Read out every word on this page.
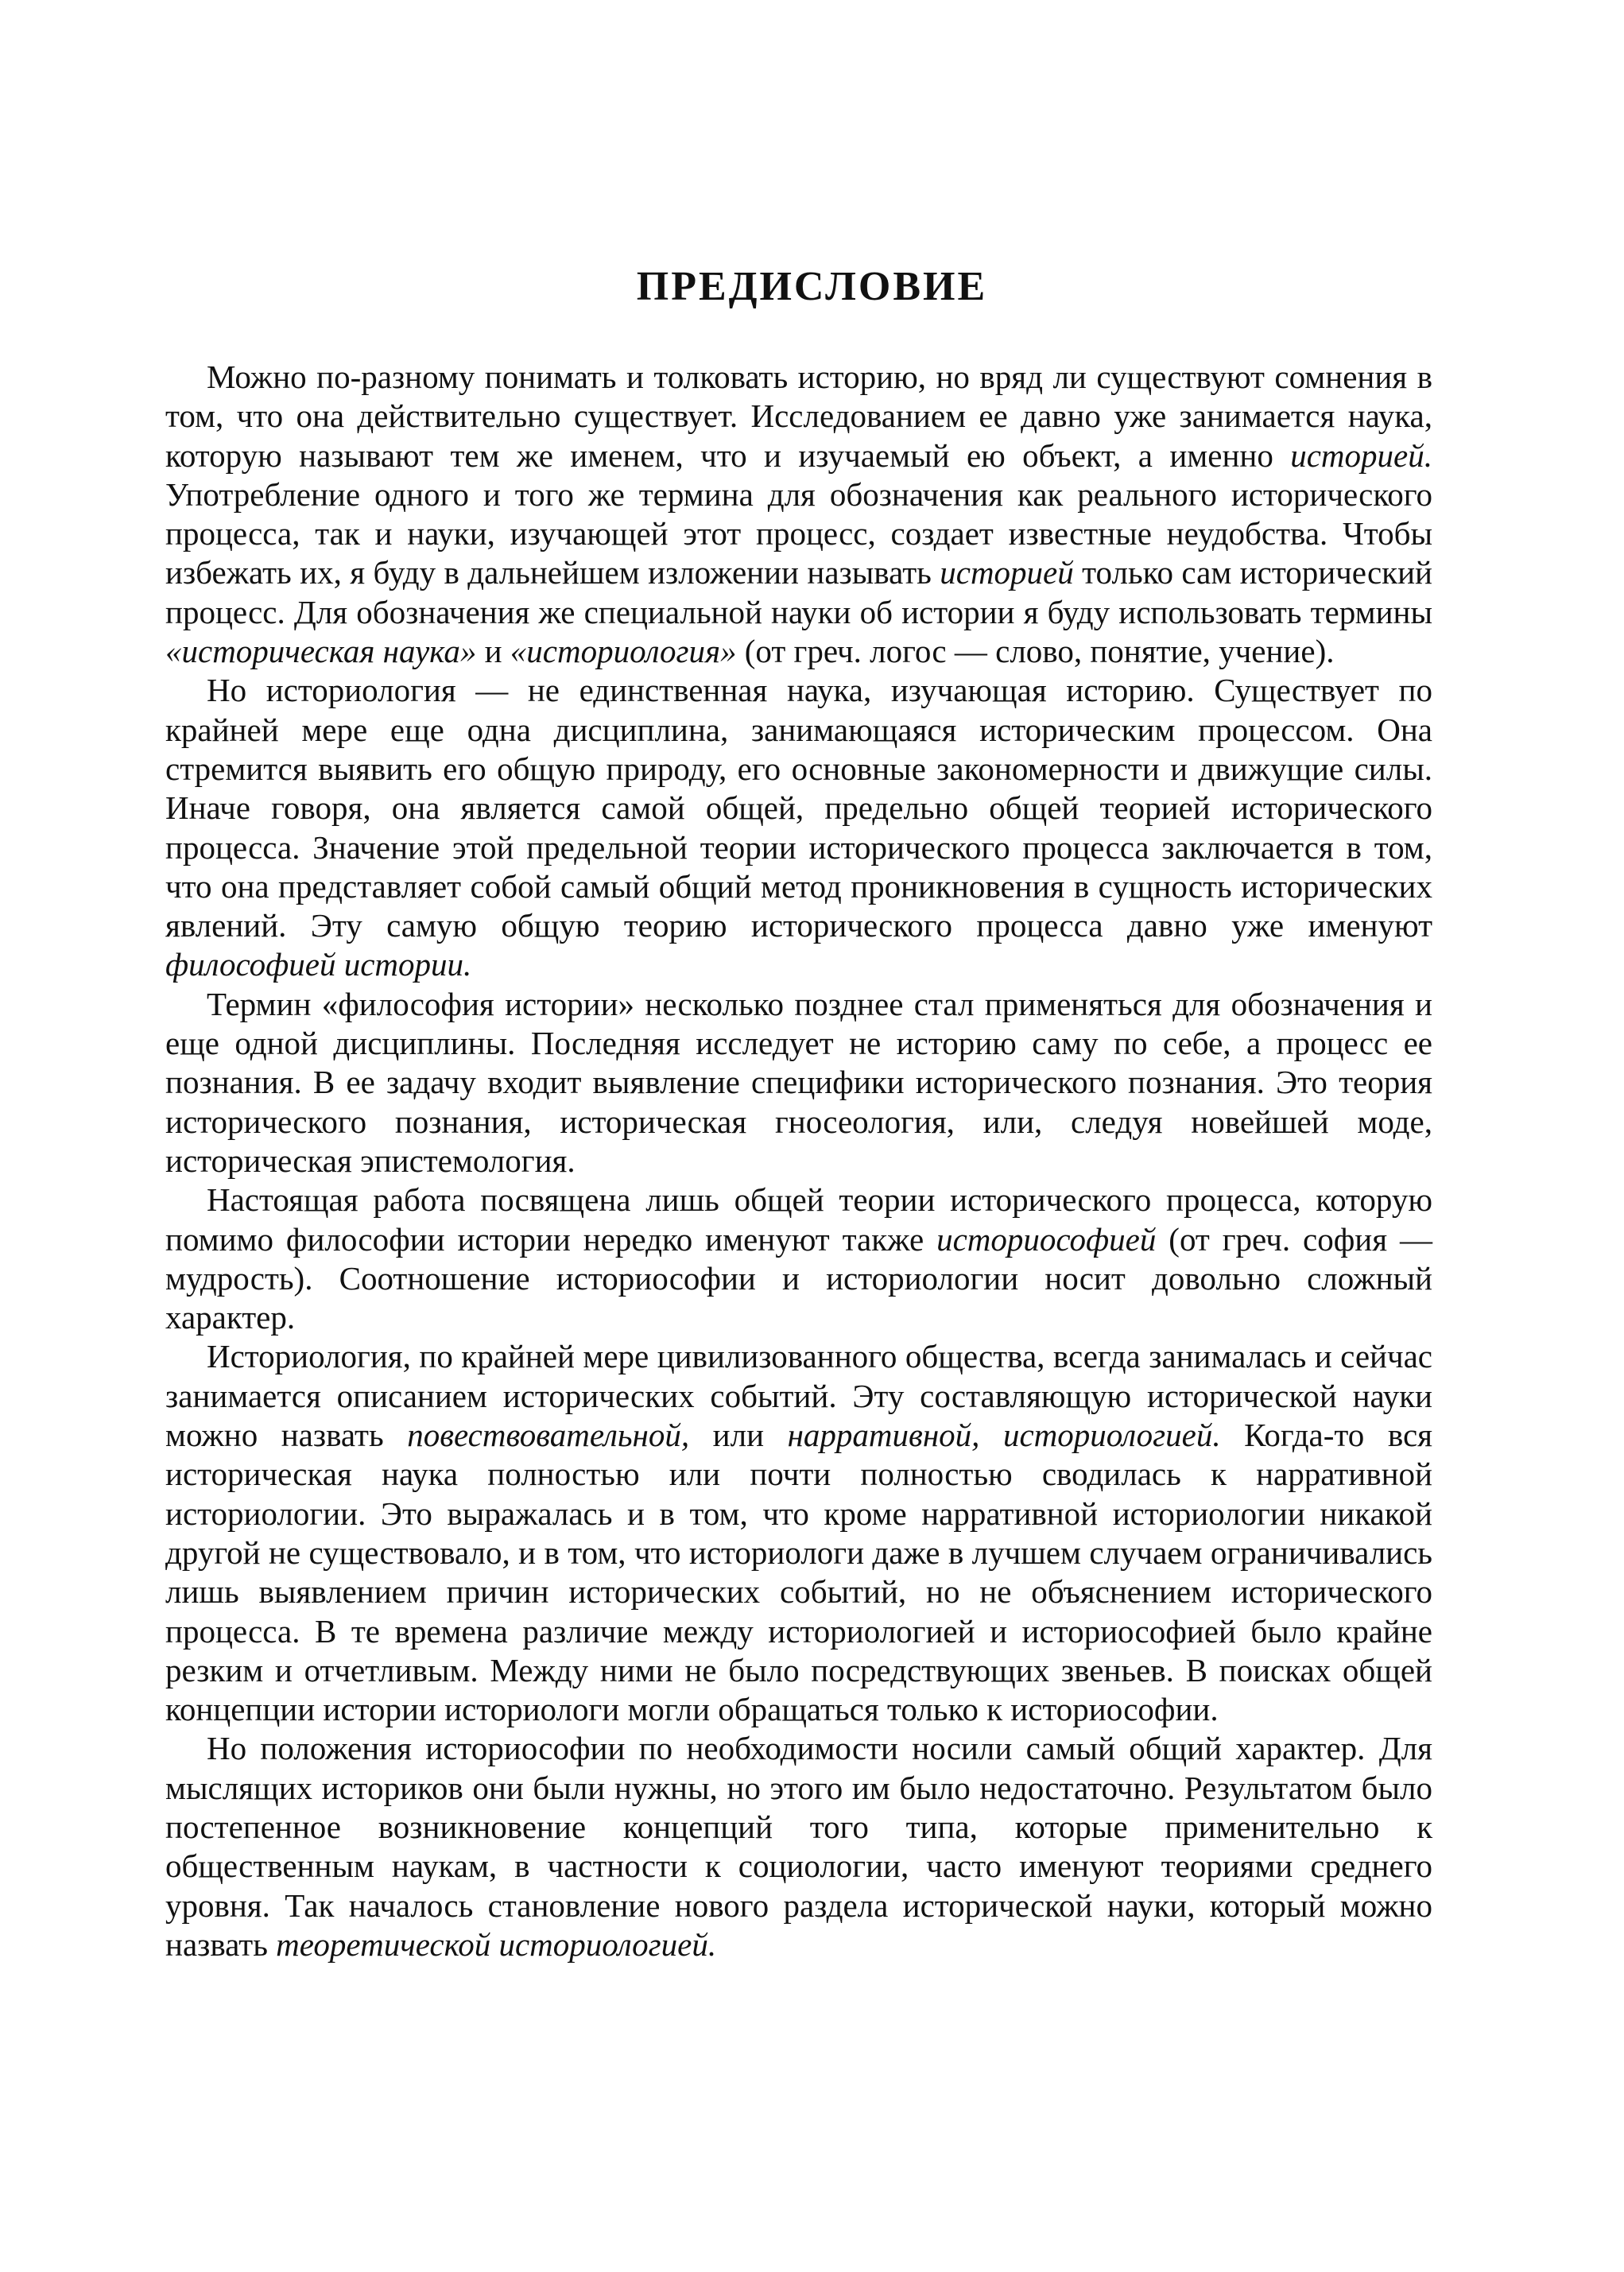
ПРЕДИСЛОВИЕ

Можно по-разному понимать и толковать историю, но вряд ли существуют сомнения в том, что она действительно существует. Исследованием ее давно уже занимается наука, которую называют тем же именем, что и изучаемый ею объект, а именно историей. Употребление одного и того же термина для обозначения как реального исторического процесса, так и науки, изучающей этот процесс, создает известные неудобства. Чтобы избежать их, я буду в дальнейшем изложении называть историей только сам исторический процесс. Для обозначения же специальной науки об истории я буду использовать термины «историческая наука» и «историология» (от греч. логос — слово, понятие, учение).

Но историология — не единственная наука, изучающая историю. Существует по крайней мере еще одна дисциплина, занимающаяся историческим процессом. Она стремится выявить его общую природу, его основные закономерности и движущие силы. Иначе говоря, она является самой общей, предельно общей теорией исторического процесса. Значение этой предельной теории исторического процесса заключается в том, что она представляет собой самый общий метод проникновения в сущность исторических явлений. Эту самую общую теорию исторического процесса давно уже именуют философией истории.

Термин «философия истории» несколько позднее стал применяться для обозначения и еще одной дисциплины. Последняя исследует не историю саму по себе, а процесс ее познания. В ее задачу входит выявление специфики исторического познания. Это теория исторического познания, историческая гносеология, или, следуя новейшей моде, историческая эпистемология.

Настоящая работа посвящена лишь общей теории исторического процесса, которую помимо философии истории нередко именуют также историософией (от греч. софия — мудрость). Соотношение историософии и историологии носит довольно сложный характер.

Историология, по крайней мере цивилизованного общества, всегда занималась и сейчас занимается описанием исторических событий. Эту составляющую исторической науки можно назвать повествовательной, или нарративной, историологией. Когда-то вся историческая наука полностью или почти полностью сводилась к нарративной историологии. Это выражалась и в том, что кроме нарративной историологии никакой другой не существовало, и в том, что историологи даже в лучшем случаем ограничивались лишь выявлением причин исторических событий, но не объяснением исторического процесса. В те времена различие между историологией и историософией было крайне резким и отчетливым. Между ними не было посредствующих звеньев. В поисках общей концепции истории историологи могли обращаться только к историософии.

Но положения историософии по необходимости носили самый общий характер. Для мыслящих историков они были нужны, но этого им было недостаточно. Результатом было постепенное возникновение концепций того типа, которые применительно к общественным наукам, в частности к социологии, часто именуют теориями среднего уровня. Так началось становление нового раздела исторической науки, который можно назвать теоретической историологией.
